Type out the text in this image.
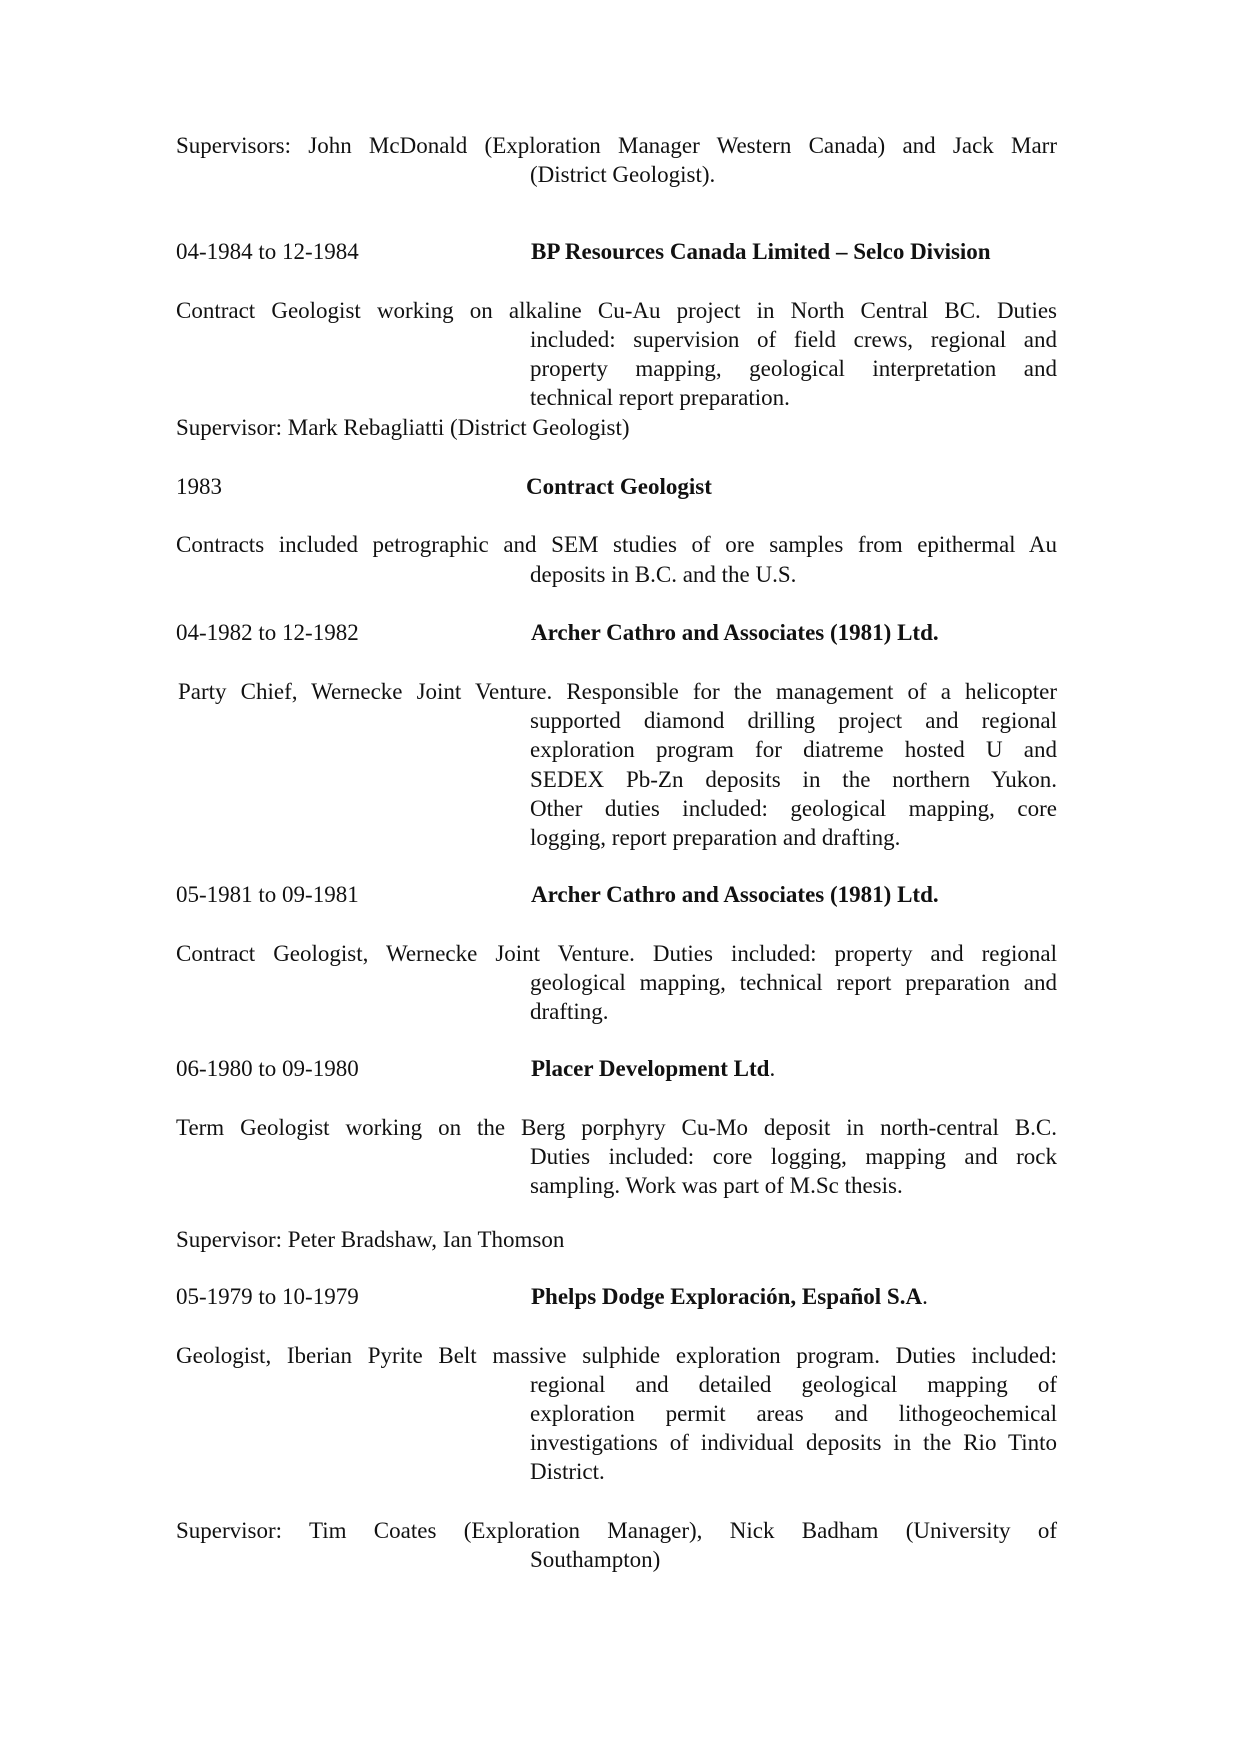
Supervisors: John McDonald (Exploration Manager Western Canada) and Jack Marr
(District Geologist).
04-1984 to 12-1984	BP Resources Canada Limited – Selco Division
Contract Geologist working on alkaline Cu-Au project in North Central BC. Duties
included: supervision of field crews, regional and
property mapping, geological interpretation and
technical report preparation.
Supervisor: Mark Rebagliatti (District Geologist)
1983	Contract Geologist
Contracts included petrographic and SEM studies of ore samples from epithermal Au
deposits in B.C. and the U.S.
04-1982 to 12-1982	Archer Cathro and Associates (1981) Ltd.
Party Chief, Wernecke Joint Venture. Responsible for the management of a helicopter
supported diamond drilling project and regional
exploration program for diatreme hosted U and
SEDEX Pb-Zn deposits in the northern Yukon.
Other duties included: geological mapping, core
logging, report preparation and drafting.
05-1981 to 09-1981	Archer Cathro and Associates (1981) Ltd.
Contract Geologist, Wernecke Joint Venture. Duties included: property and regional
geological mapping, technical report preparation and
drafting.
06-1980 to 09-1980	Placer Development Ltd.
Term Geologist working on the Berg porphyry Cu-Mo deposit in north-central B.C.
Duties included: core logging, mapping and rock
sampling. Work was part of M.Sc thesis.
Supervisor: Peter Bradshaw, Ian Thomson
05-1979 to 10-1979	Phelps Dodge Exploración, Español S.A.
Geologist, Iberian Pyrite Belt massive sulphide exploration program. Duties included:
regional and detailed geological mapping of
exploration permit areas and lithogeochemical
investigations of individual deposits in the Rio Tinto
District.
Supervisor: Tim Coates (Exploration Manager), Nick Badham (University of
Southampton)
